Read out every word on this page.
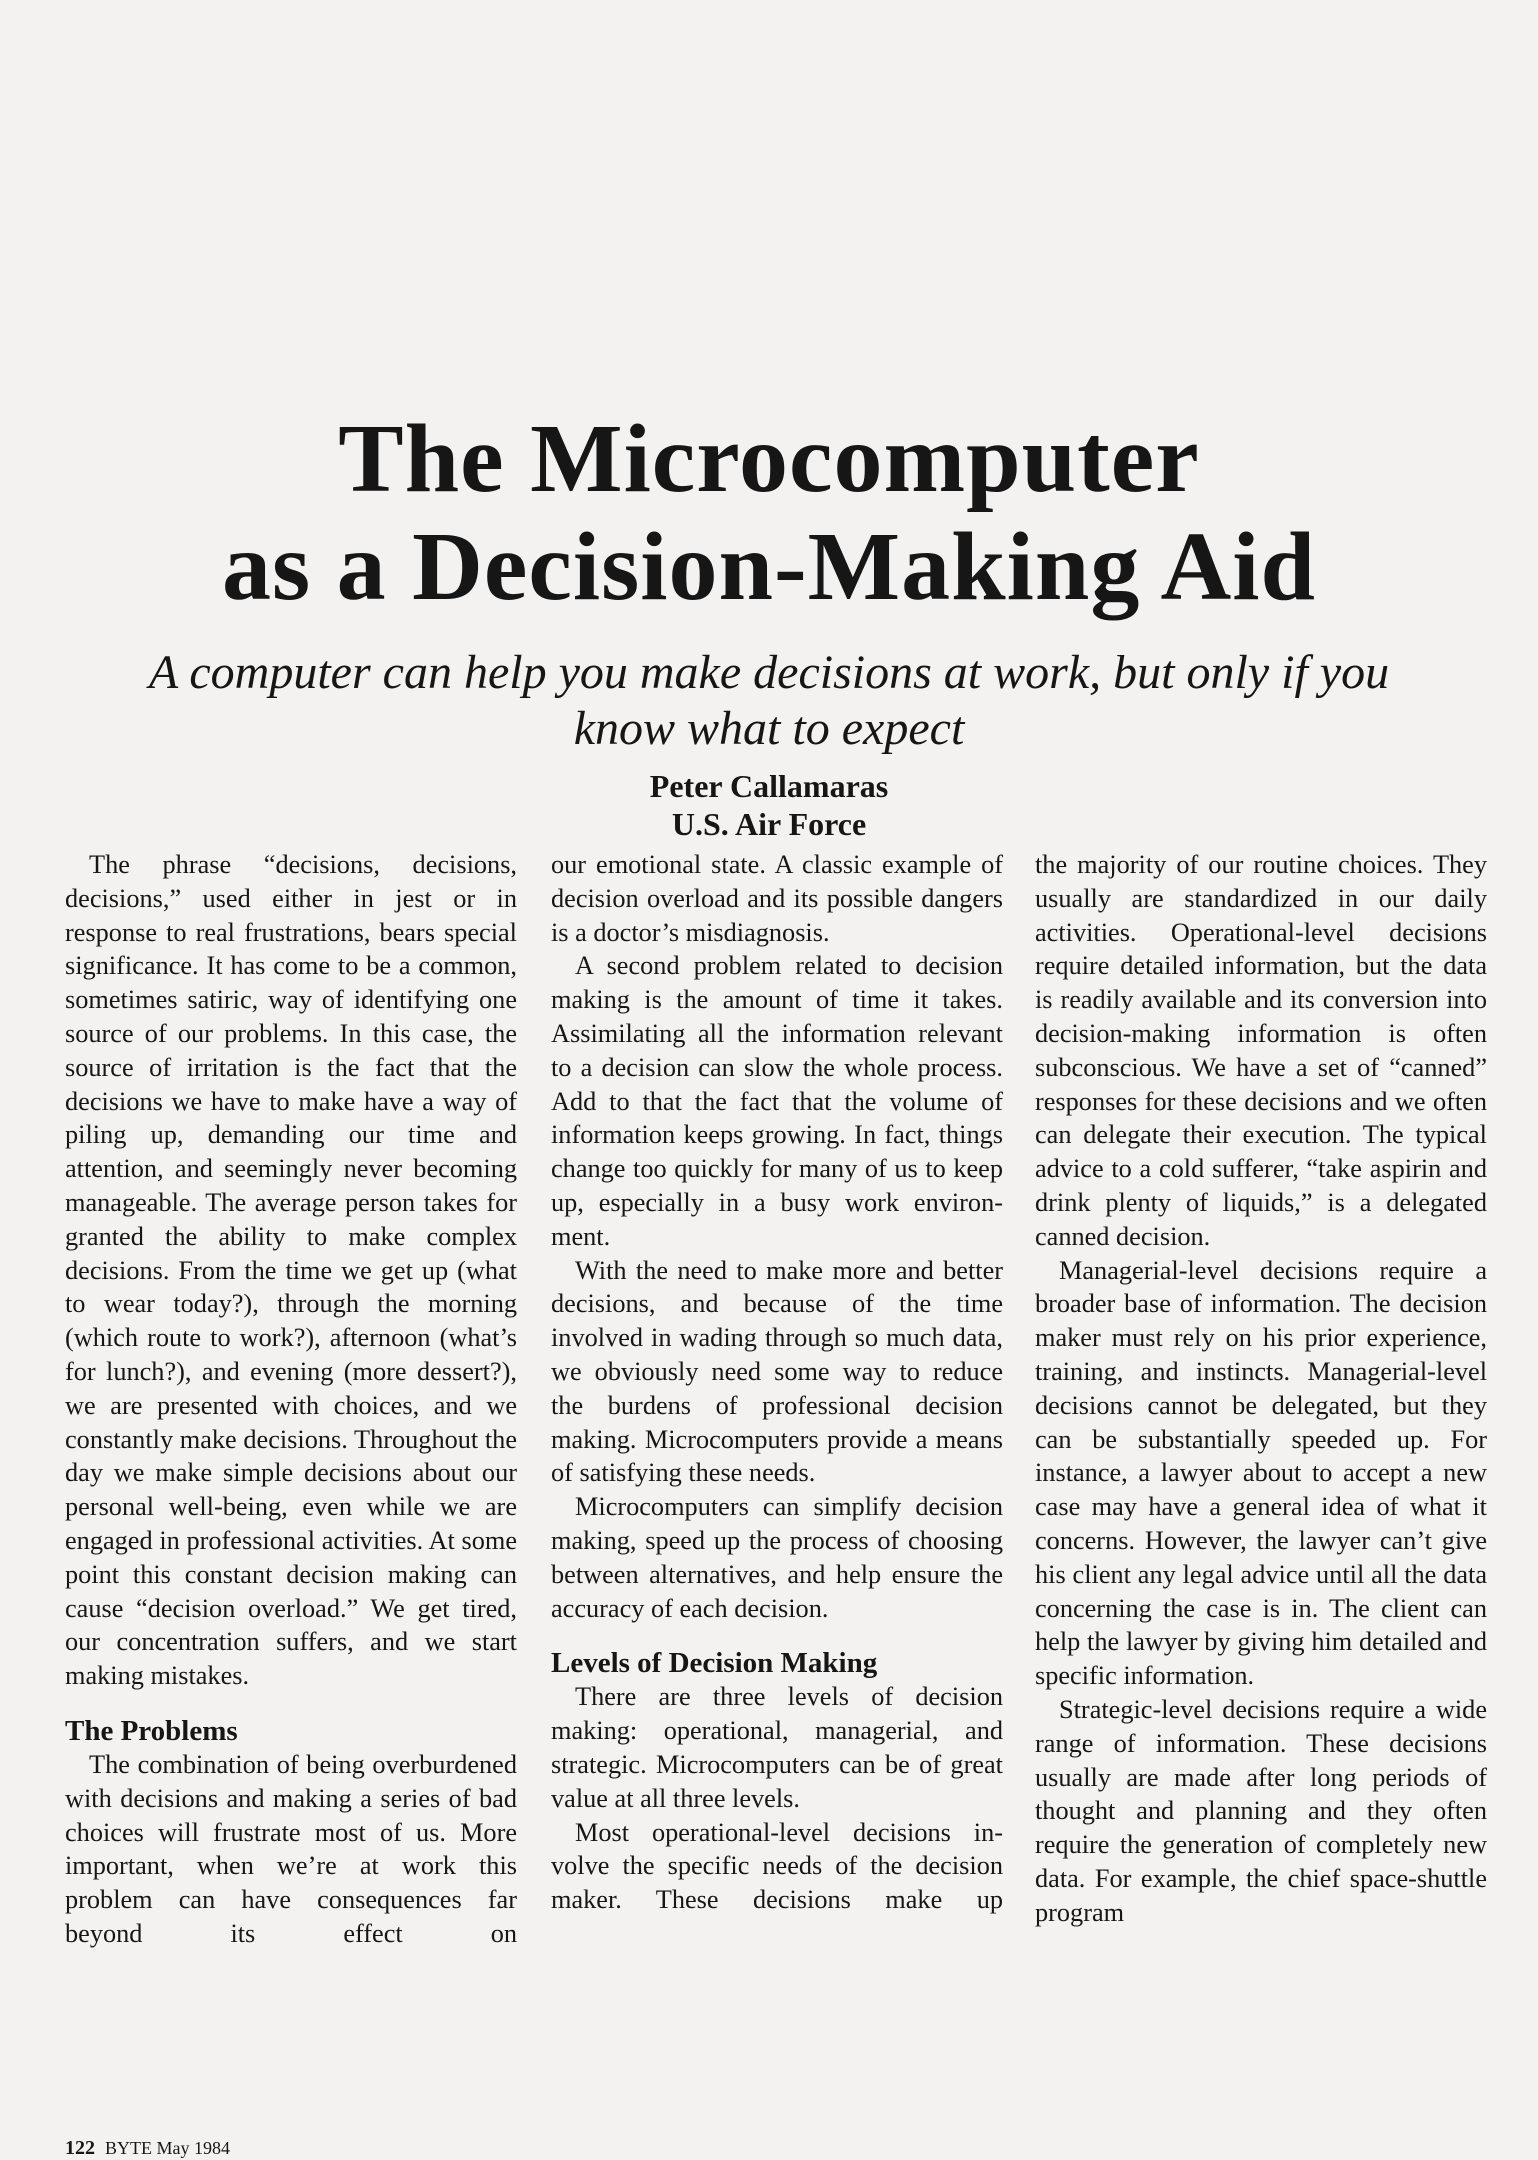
The Microcomputer
as a Decision-Making Aid
A computer can help you make decisions at work, but only if you
know what to expect
Peter Callamaras
U.S. Air Force

The phrase “decisions, decisions, decisions,” used either in jest or in response to real frustrations, bears special significance. It has come to be a common, sometimes satiric, way of identifying one source of our problems. In this case, the source of irritation is the fact that the decisions we have to make have a way of piling up, demanding our time and attention, and seemingly never becoming manageable. The average person takes for granted the ability to make complex decisions. From the time we get up (what to wear today?), through the morning (which route to work?), afternoon (what’s for lunch?), and evening (more dessert?), we are presented with choices, and we constantly make decisions. Throughout the day we make simple decisions about our personal well-being, even while we are engaged in professional activities. At some point this constant decision making can cause “decision overload.” We get tired, our concentration suffers, and we start making mistakes.

The Problems

The combination of being overburdened with decisions and making a series of bad choices will frustrate most of us. More important, when we’re at work this problem can have consequences far beyond its effect on

our emotional state. A classic example of decision overload and its possible dangers is a doctor’s misdiagnosis.

A second problem related to decision making is the amount of time it takes. Assimilating all the information relevant to a decision can slow the whole process. Add to that the fact that the volume of information keeps growing. In fact, things change too quickly for many of us to keep up, especially in a busy work environment.

With the need to make more and better decisions, and because of the time involved in wading through so much data, we obviously need some way to reduce the burdens of professional decision making. Microcomputers provide a means of satisfying these needs.

Microcomputers can simplify decision making, speed up the process of choosing between alternatives, and help ensure the accuracy of each decision.

Levels of Decision Making

There are three levels of decision making: operational, managerial, and strategic. Microcomputers can be of great value at all three levels.

Most operational-level decisions involve the specific needs of the decision maker. These decisions make up

the majority of our routine choices. They usually are standardized in our daily activities. Operational-level decisions require detailed information, but the data is readily available and its conversion into decision-making information is often subconscious. We have a set of “canned” responses for these decisions and we often can delegate their execution. The typical advice to a cold sufferer, “take aspirin and drink plenty of liquids,” is a delegated canned decision.

Managerial-level decisions require a broader base of information. The decision maker must rely on his prior experience, training, and instincts. Managerial-level decisions cannot be delegated, but they can be substantially speeded up. For instance, a lawyer about to accept a new case may have a general idea of what it concerns. However, the lawyer can’t give his client any legal advice until all the data concerning the case is in. The client can help the lawyer by giving him detailed and specific information.

Strategic-level decisions require a wide range of information. These decisions usually are made after long periods of thought and planning and they often require the generation of completely new data. For example, the chief space-shuttle program

122 BYTE May 1984
